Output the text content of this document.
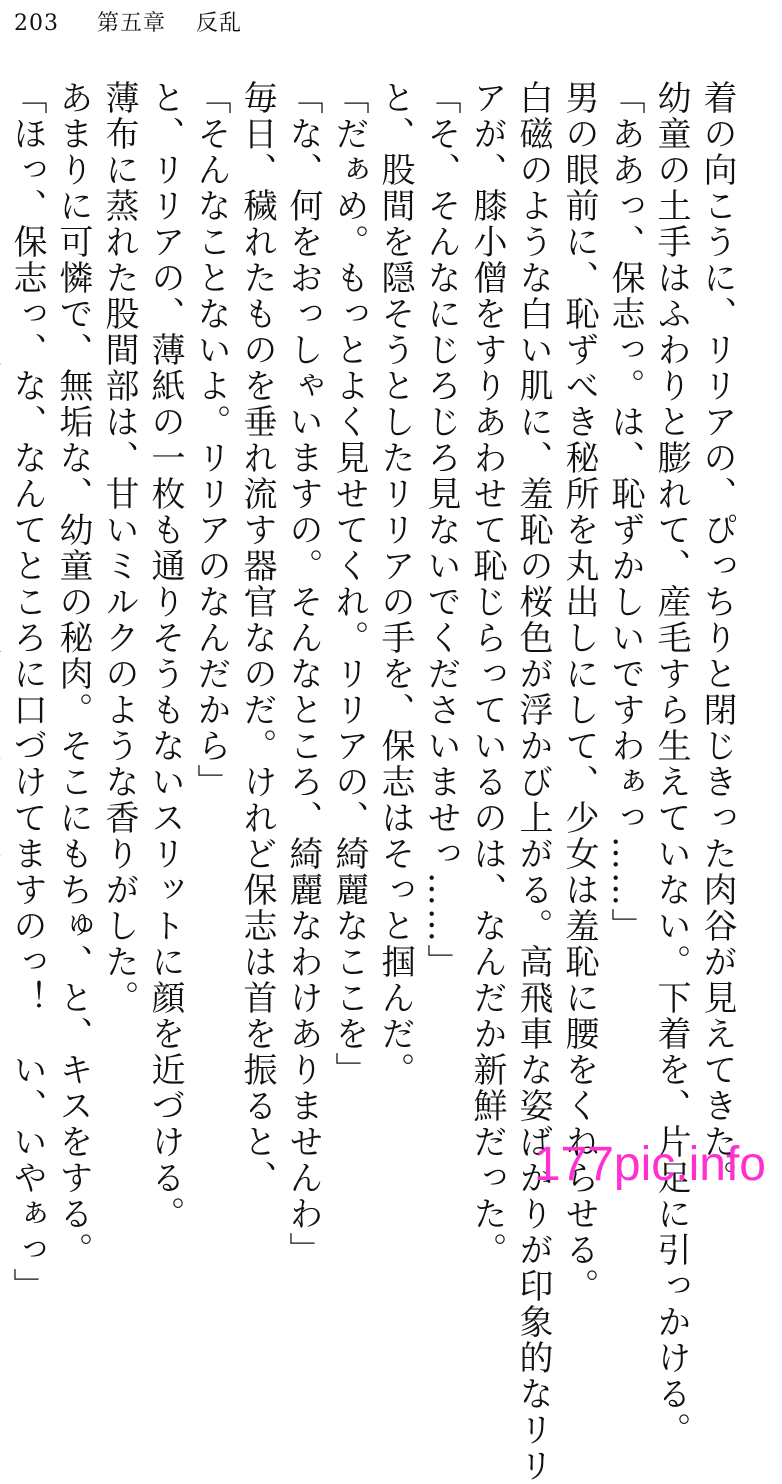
203 第五章 反乱
着の向こうに、リリアの、ぴっちりと閉じきった肉谷が見えてきた。
幼童の土手はふわりと膨れて、産毛すら生えていない。下着を、片足に引っかける。
「ああっ、保志っ。は、恥ずかしいですわぁっ……」
男の眼前に、恥ずべき秘所を丸出しにして、少女は羞恥に腰をくねらせる。
白磁のような白い肌に、羞恥の桜色が浮かび上がる。高飛車な姿ばかりが印象的なリリ
アが、膝小僧をすりあわせて恥じらっているのは、なんだか新鮮だった。
「そ、そんなにじろじろ見ないでくださいませっ……」
と、股間を隠そうとしたリリアの手を、保志はそっと掴んだ。
「だぁめ。もっとよく見せてくれ。リリアの、綺麗なここを」
「な、何をおっしゃいますの。そんなところ、綺麗なわけありませんわ」
毎日、穢れたものを垂れ流す器官なのだ。けれど保志は首を振ると、
「そんなことないよ。リリアのなんだから」
と、リリアの、薄紙の一枚も通りそうもないスリットに顔を近づける。
薄布に蒸れた股間部は、甘いミルクのような香りがした。
あまりに可憐で、無垢な、幼童の秘肉。そこにもちゅ、と、キスをする。
「ほっ、保志っ、な、なんてところに口づけてますのっ！　い、いやぁっ」	177pic.info
